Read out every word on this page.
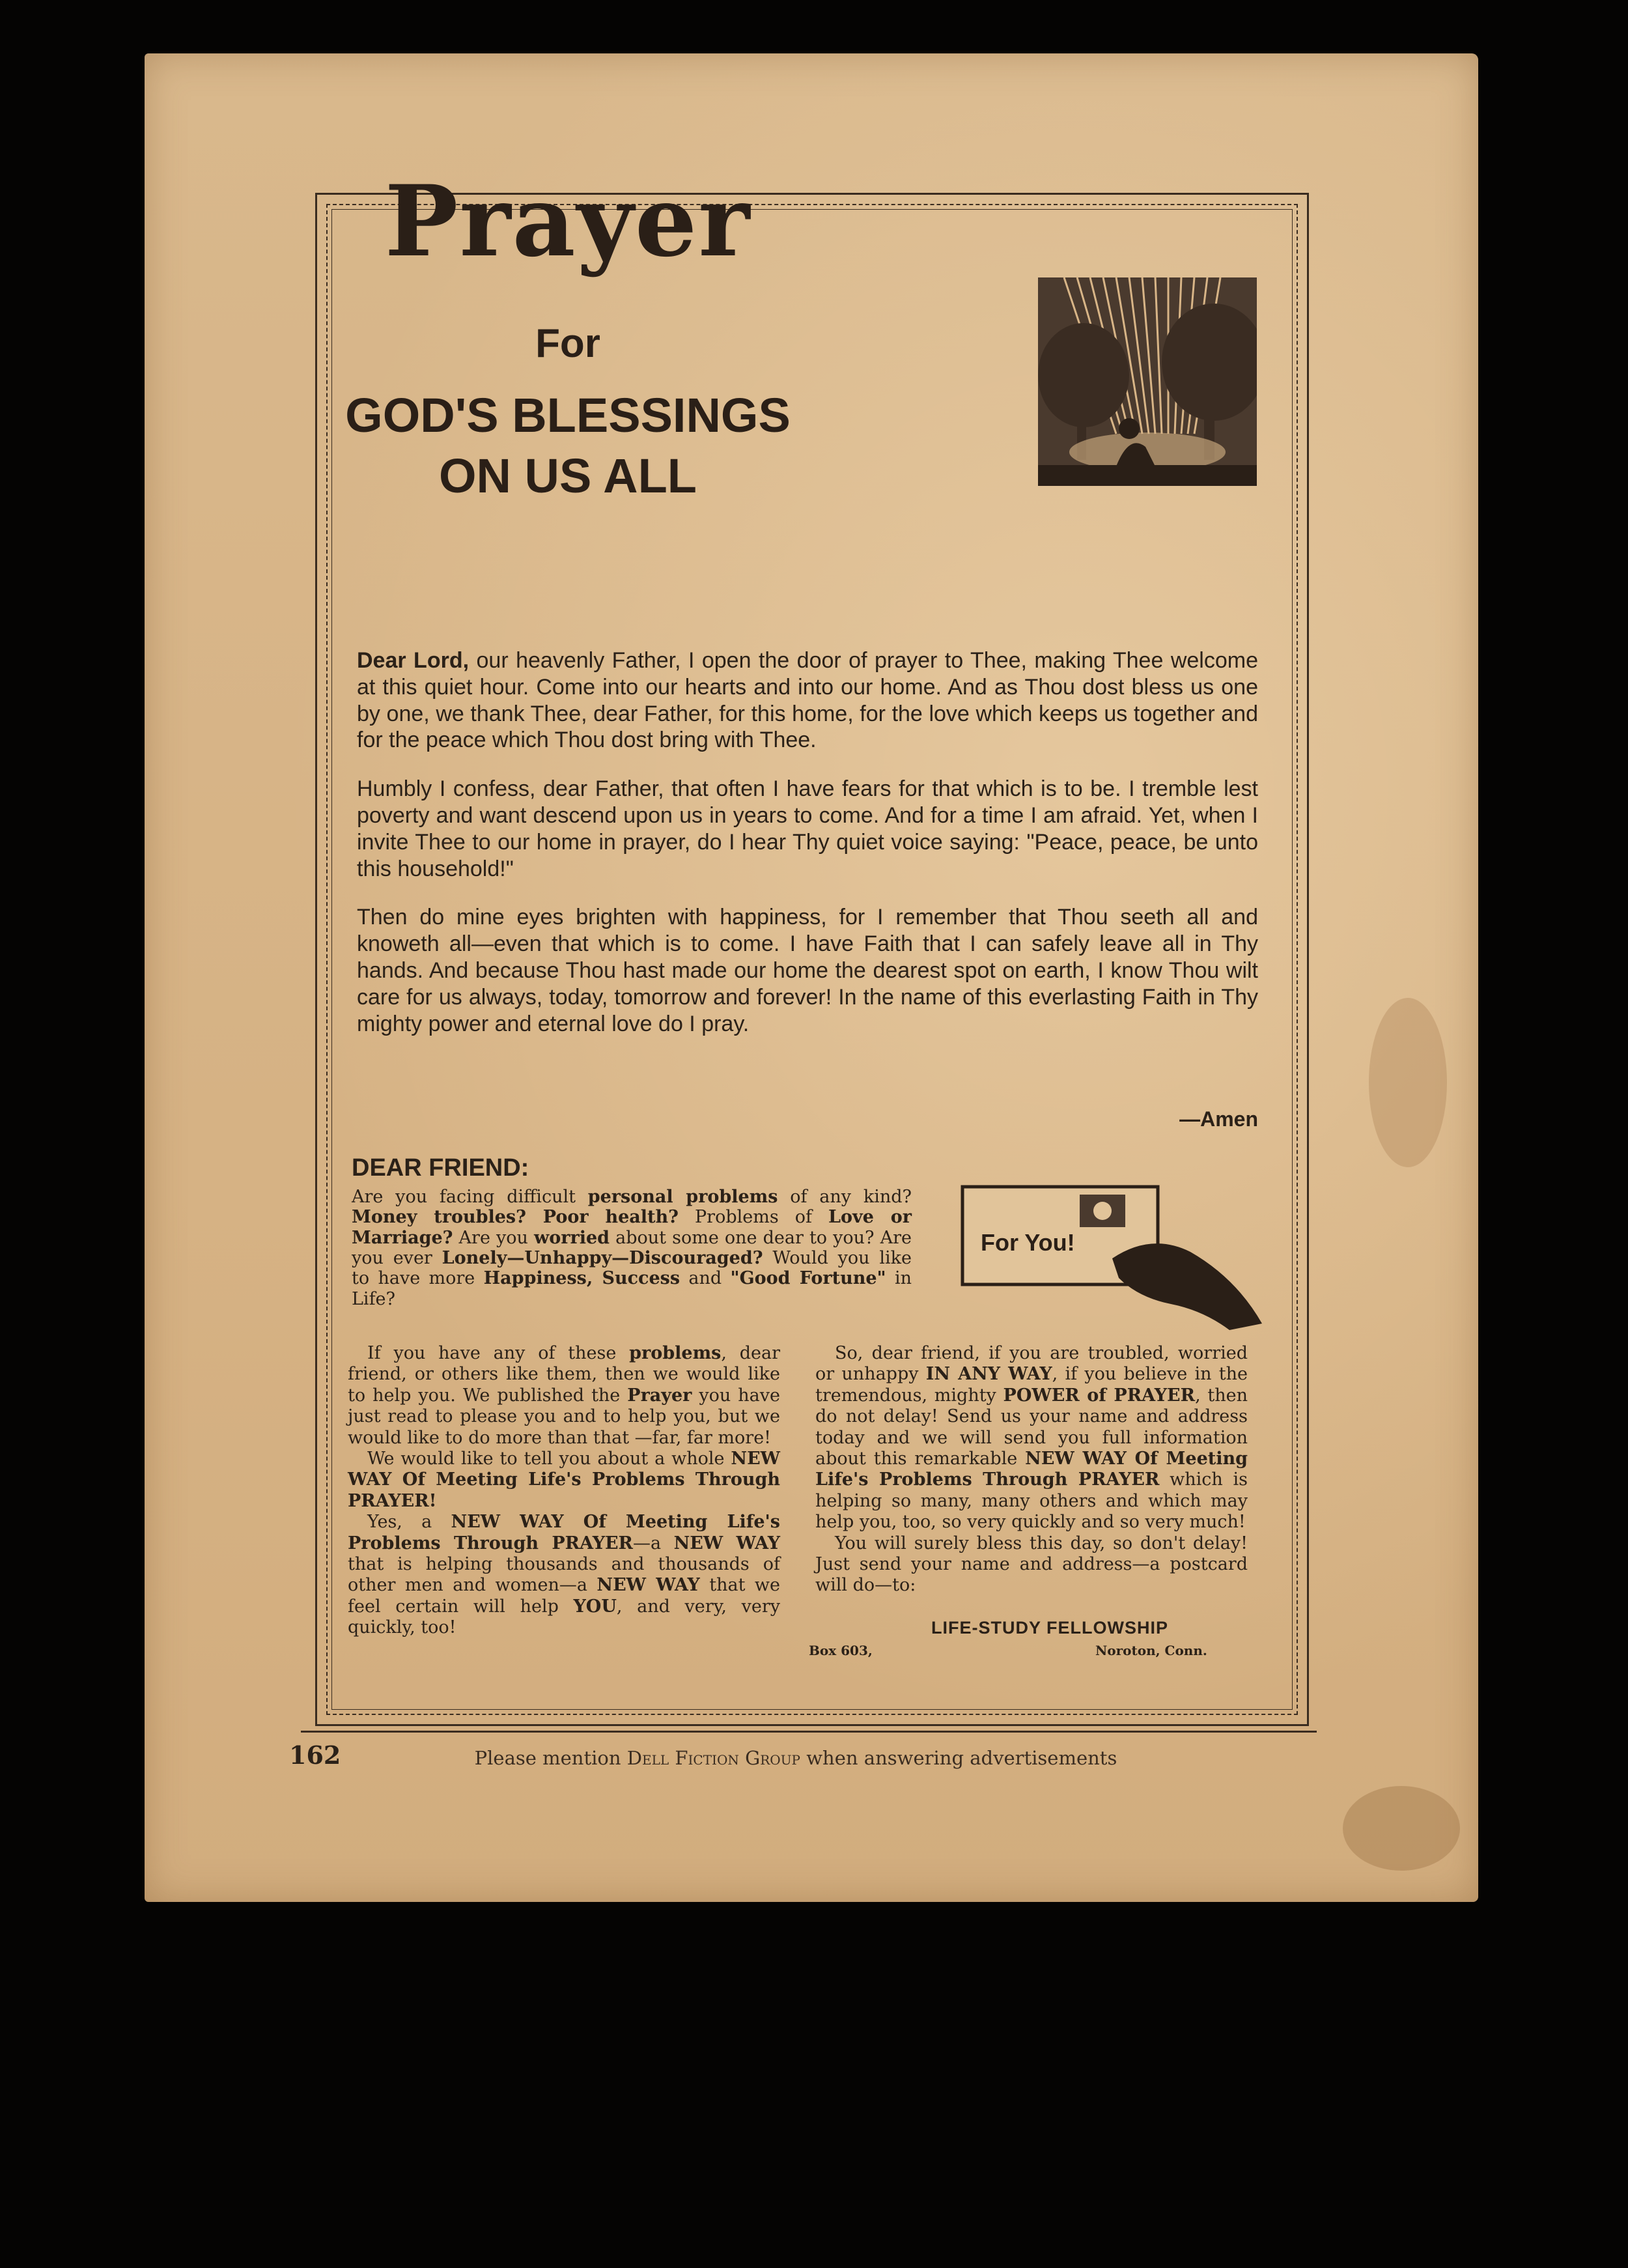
Prayer
For
GOD'S BLESSINGS
ON US ALL

Dear Lord, our heavenly Father, I open the door of prayer to Thee, making Thee welcome at this quiet hour. Come into our hearts and into our home. And as Thou dost bless us one by one, we thank Thee, dear Father, for this home, for the love which keeps us together and for the peace which Thou dost bring with Thee.

Humbly I confess, dear Father, that often I have fears for that which is to be. I tremble lest poverty and want descend upon us in years to come. And for a time I am afraid. Yet, when I invite Thee to our home in prayer, do I hear Thy quiet voice saying: "Peace, peace, be unto this household!"

Then do mine eyes brighten with happiness, for I remember that Thou seeth all and knoweth all—even that which is to come. I have Faith that I can safely leave all in Thy hands. And because Thou hast made our home the dearest spot on earth, I know Thou wilt care for us always, today, tomorrow and forever! In the name of this everlasting Faith in Thy mighty power and eternal love do I pray.

—Amen
DEAR FRIEND:
Are you facing difficult personal problems of any kind? Money troubles? Poor health? Problems of Love or Marriage? Are you worried about some one dear to you? Are you ever Lonely—Unhappy—Discouraged? Would you like to have more Happiness, Success and "Good Fortune" in Life?
For You!

If you have any of these problems, dear friend, or others like them, then we would like to help you. We published the Prayer you have just read to please you and to help you, but we would like to do more than that —far, far more!

We would like to tell you about a whole NEW WAY Of Meeting Life's Problems Through PRAYER!

Yes, a NEW WAY Of Meeting Life's Problems Through PRAYER—a NEW WAY that is helping thousands and thousands of other men and women—a NEW WAY that we feel certain will help YOU, and very, very quickly, too!

So, dear friend, if you are troubled, worried or unhappy IN ANY WAY, if you believe in the tremendous, mighty POWER of PRAYER, then do not delay! Send us your name and address today and we will send you full information about this remarkable NEW WAY Of Meeting Life's Problems Through PRAYER which is helping so many, many others and which may help you, too, so very quickly and so very much!

You will surely bless this day, so don't delay! Just send your name and address—a postcard will do—to:

LIFE-STUDY FELLOWSHIP
Box 603,	Noroton, Conn.
162	Please mention Dell Fiction Group when answering advertisements
